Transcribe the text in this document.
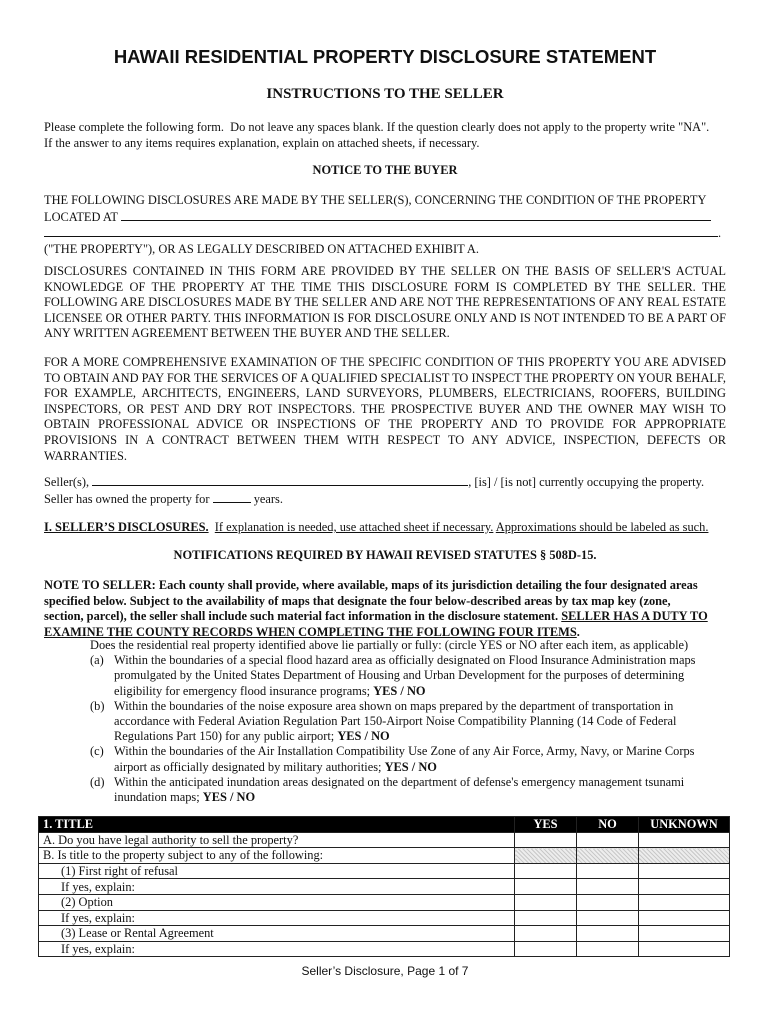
HAWAII RESIDENTIAL PROPERTY DISCLOSURE STATEMENT
INSTRUCTIONS TO THE SELLER
Please complete the following form.  Do not leave any spaces blank. If the question clearly does not apply to the property write "NA".
If the answer to any items requires explanation, explain on attached sheets, if necessary.
NOTICE TO THE BUYER
THE FOLLOWING DISCLOSURES ARE MADE BY THE SELLER(S), CONCERNING THE CONDITION OF THE PROPERTY
LOCATED AT
.
("THE PROPERTY"), OR AS LEGALLY DESCRIBED ON ATTACHED EXHIBIT A.
DISCLOSURES CONTAINED IN THIS FORM ARE PROVIDED BY THE SELLER ON THE BASIS OF SELLER'S ACTUAL KNOWLEDGE OF THE PROPERTY AT THE TIME THIS DISCLOSURE FORM IS COMPLETED BY THE SELLER. THE FOLLOWING ARE DISCLOSURES MADE BY THE SELLER AND ARE NOT THE REPRESENTATIONS OF ANY REAL ESTATE LICENSEE OR OTHER PARTY. THIS INFORMATION IS FOR DISCLOSURE ONLY AND IS NOT INTENDED TO BE A PART OF ANY WRITTEN AGREEMENT BETWEEN THE BUYER AND THE SELLER.
FOR A MORE COMPREHENSIVE EXAMINATION OF THE SPECIFIC CONDITION OF THIS PROPERTY YOU ARE ADVISED TO OBTAIN AND PAY FOR THE SERVICES OF A QUALIFIED SPECIALIST TO INSPECT THE PROPERTY ON YOUR BEHALF, FOR EXAMPLE, ARCHITECTS, ENGINEERS, LAND SURVEYORS, PLUMBERS, ELECTRICIANS, ROOFERS, BUILDING INSPECTORS, OR PEST AND DRY ROT INSPECTORS. THE PROSPECTIVE BUYER AND THE OWNER MAY WISH TO OBTAIN PROFESSIONAL ADVICE OR INSPECTIONS OF THE PROPERTY AND TO PROVIDE FOR APPROPRIATE PROVISIONS IN A CONTRACT BETWEEN THEM WITH RESPECT TO ANY ADVICE, INSPECTION, DEFECTS OR WARRANTIES.
Seller(s),	, [is] / [is not] currently occupying the property.
Seller has owned the property for	years.
I. SELLER’S DISCLOSURES. If explanation is needed, use attached sheet if necessary. Approximations should be labeled as such.
NOTIFICATIONS REQUIRED BY HAWAII REVISED STATUTES § 508D-15.
NOTE TO SELLER: Each county shall provide, where available, maps of its jurisdiction detailing the four designated areas
specified below. Subject to the availability of maps that designate the four below-described areas by tax map key (zone,
section, parcel), the seller shall include such material fact information in the disclosure statement. SELLER HAS A DUTY TO
EXAMINE THE COUNTY RECORDS WHEN COMPLETING THE FOLLOWING FOUR ITEMS.
Does the residential real property identified above lie partially or fully: (circle YES or NO after each item, as applicable)
(a) Within the boundaries of a special flood hazard area as officially designated on Flood Insurance Administration maps
promulgated by the United States Department of Housing and Urban Development for the purposes of determining
eligibility for emergency flood insurance programs; YES / NO
(b) Within the boundaries of the noise exposure area shown on maps prepared by the department of transportation in
accordance with Federal Aviation Regulation Part 150-Airport Noise Compatibility Planning (14 Code of Federal
Regulations Part 150) for any public airport; YES / NO
(c) Within the boundaries of the Air Installation Compatibility Use Zone of any Air Force, Army, Navy, or Marine Corps
airport as officially designated by military authorities; YES / NO
(d) Within the anticipated inundation areas designated on the department of defense's emergency management tsunami
inundation maps; YES / NO
1. TITLE	YES	NO	UNKNOWN
A. Do you have legal authority to sell the property?			
B. Is title to the property subject to any of the following:			
(1) First right of refusal			
If yes, explain:			
(2) Option			
If yes, explain:			
(3) Lease or Rental Agreement			
If yes, explain:			
Seller’s Disclosure, Page 1 of 7
